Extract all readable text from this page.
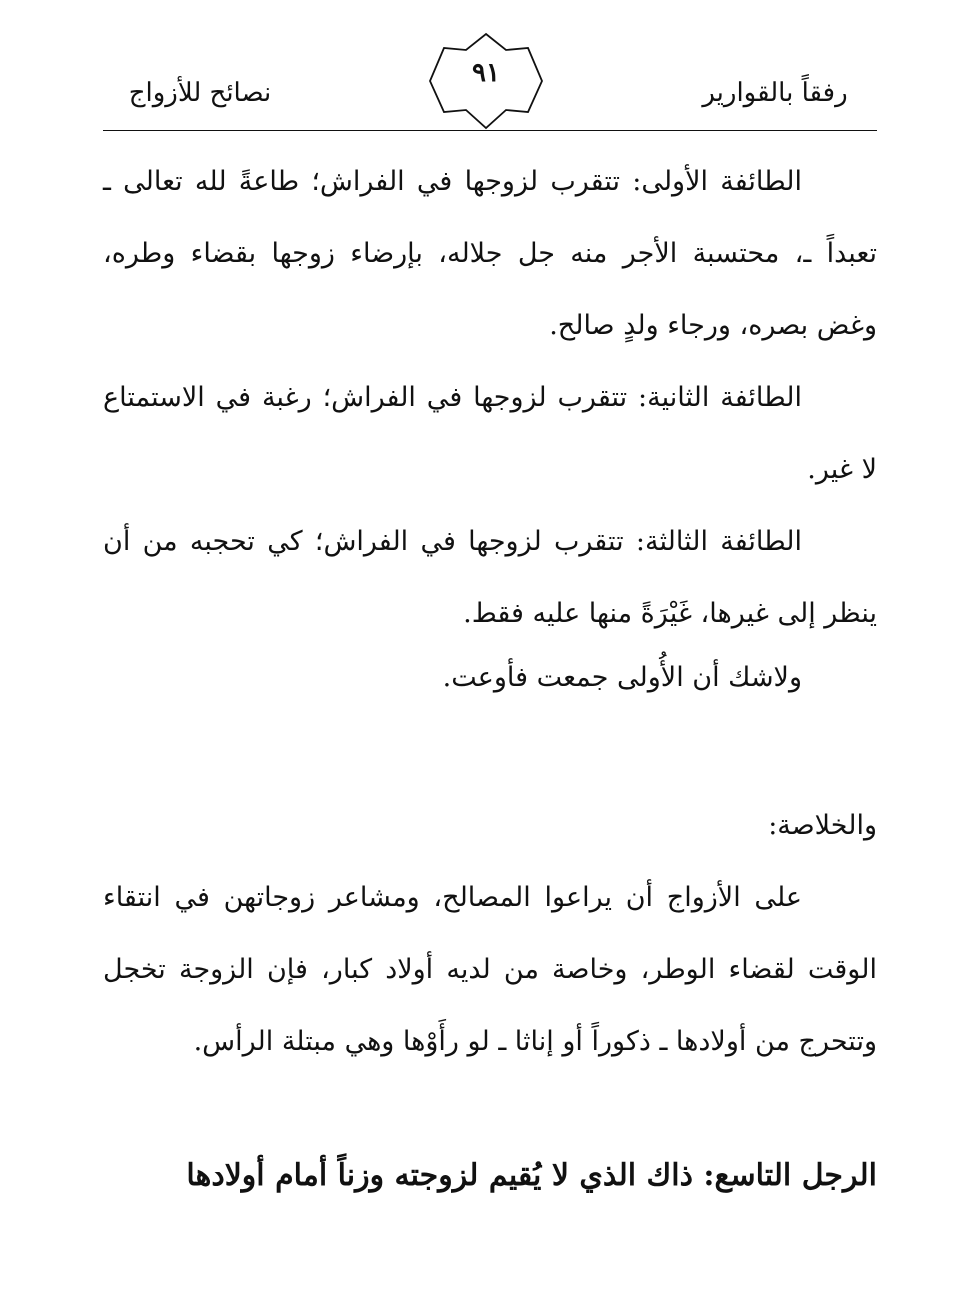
رفقاً بالقوارير
٩١
نصائح للأزواج

الطائفة الأولى: تتقرب لزوجها في الفراش؛ طاعةً لله تعالى ـ تعبداً ـ، محتسبة الأجر منه جل جلاله، بإرضاء زوجها بقضاء وطره، وغض بصره، ورجاء ولدٍ صالح.

الطائفة الثانية: تتقرب لزوجها في الفراش؛ رغبة في الاستمتاع لا غير.

الطائفة الثالثة: تتقرب لزوجها في الفراش؛ كي تحجبه من أن ينظر إلى غيرها، غَيْرَةً منها عليه فقط.

ولاشك أن الأُولى جمعت فأوعت.

والخلاصة:

على الأزواج أن يراعوا المصالح، ومشاعر زوجاتهن في انتقاء الوقت لقضاء الوطر، وخاصة من لديه أولاد كبار، فإن الزوجة تخجل وتتحرج من أولادها ـ ذكوراً أو إناثا ـ لو رأَوْها وهي مبتلة الرأس.

الرجل التاسع: ذاك الذي لا يُقيم لزوجته وزناً أمام أولادها
